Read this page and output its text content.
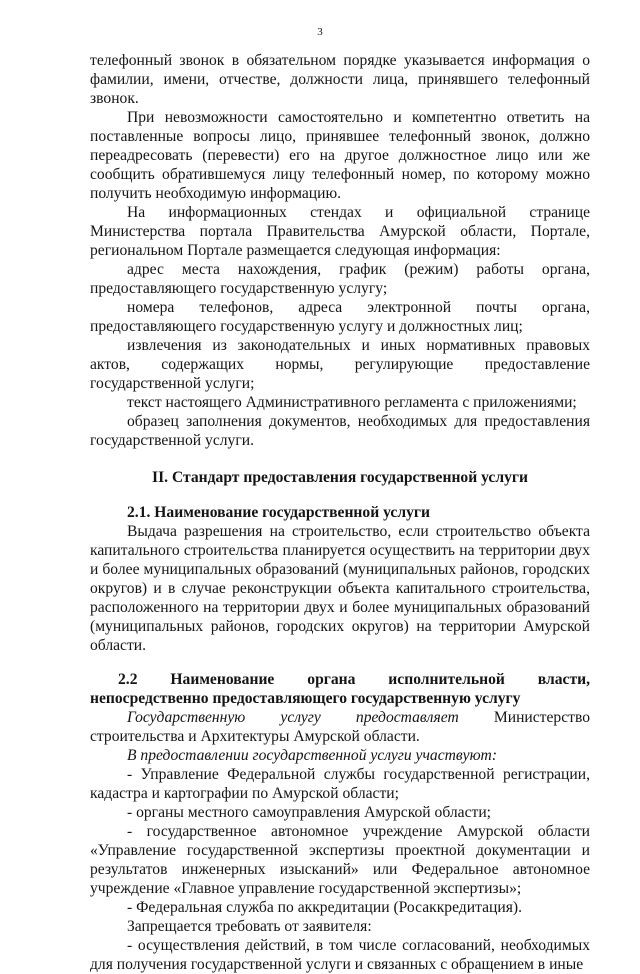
3

телефонный звонок в обязательном порядке указывается информация о фамилии, имени, отчестве, должности лица, принявшего телефонный звонок.

При невозможности самостоятельно и компетентно ответить на поставленные вопросы лицо, принявшее телефонный звонок, должно переадресовать (перевести) его на другое должностное лицо или же сообщить обратившемуся лицу телефонный номер, по которому можно получить необходимую информацию.

На информационных стендах и официальной странице Министерства портала Правительства Амурской области, Портале, региональном Портале размещается следующая информация:

адрес места нахождения, график (режим) работы органа, предоставляющего государственную услугу;

номера телефонов, адреса электронной почты органа, предоставляющего государственную услугу и должностных лиц;

извлечения из законодательных и иных нормативных правовых актов, содержащих нормы, регулирующие предоставление государственной услуги;

текст настоящего Административного регламента с приложениями;

образец заполнения документов, необходимых для предоставления государственной услуги.

II. Стандарт предоставления государственной услуги

2.1. Наименование государственной услуги

Выдача разрешения на строительство, если строительство объекта капитального строительства планируется осуществить на территории двух и более муниципальных образований (муниципальных районов, городских округов) и в случае реконструкции объекта капитального строительства, расположенного на территории двух и более муниципальных образований (муниципальных районов, городских округов) на территории Амурской области.

2.2 Наименование органа исполнительной власти, непосредственно предоставляющего государственную услугу

Государственную услугу предоставляет Министерство строительства и Архитектуры Амурской области.

В предоставлении государственной услуги участвуют:

- Управление Федеральной службы государственной регистрации, кадастра и картографии по Амурской области;

- органы местного самоуправления Амурской области;

- государственное автономное учреждение Амурской области «Управление государственной экспертизы проектной документации и результатов инженерных изысканий» или Федеральное автономное учреждение «Главное управление государственной экспертизы»;

- Федеральная служба по аккредитации (Росаккредитация).

Запрещается требовать от заявителя:

- осуществления действий, в том числе согласований, необходимых для получения государственной услуги и связанных с обращением в иные
